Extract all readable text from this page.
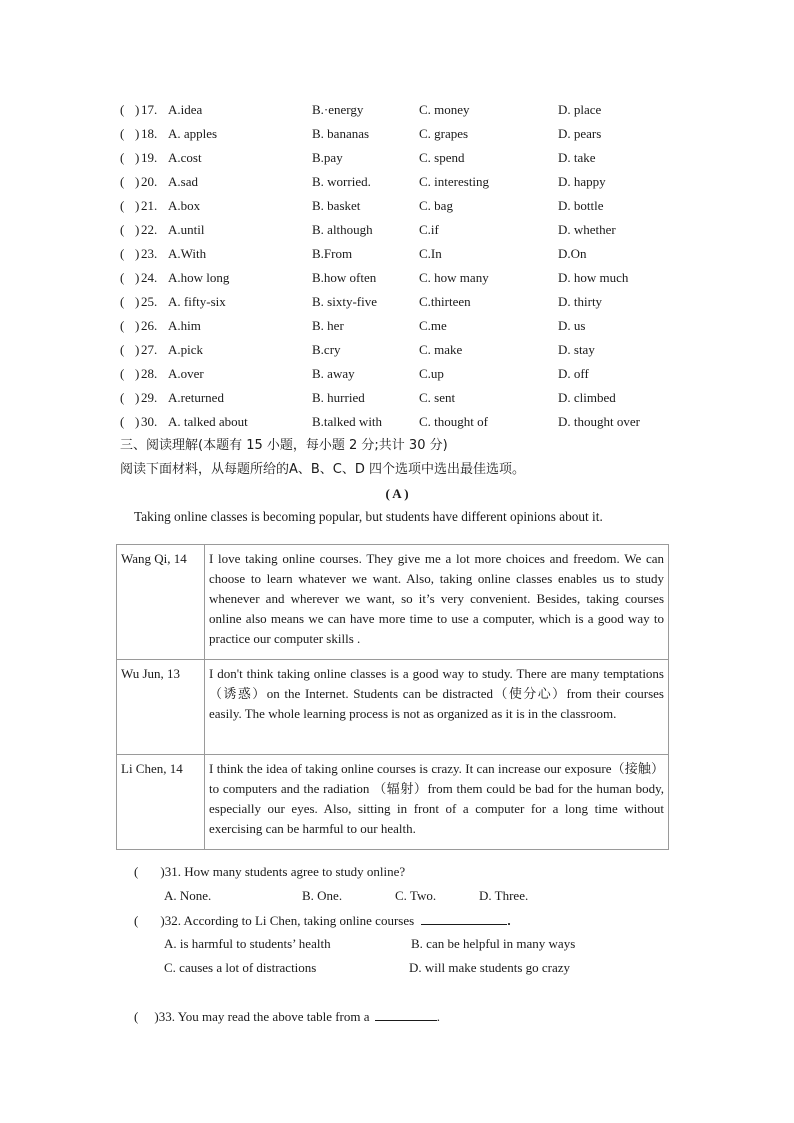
( ) 17. A.idea	B.·energy	C. money	D. place
( ) 18. A. apples	B. bananas	C. grapes	D. pears
( ) 19. A.cost	B.pay	C. spend	D. take
( ) 20. A.sad	B. worried.	C. interesting	D. happy
( ) 21. A.box	B. basket	C. bag	D. bottle
( ) 22. A.until	B. although	C.if	D. whether
( ) 23. A.With	B.From	C.In	D.On
( ) 24. A.how long	B.how often	C. how many	D. how much
( ) 25. A. fifty-six	B. sixty-five	C.thirteen	D. thirty
( ) 26. A.him	B. her	C.me	D. us
( ) 27. A.pick	B.cry	C. make	D. stay
( ) 28. A.over	B. away	C.up	D. off
( ) 29. A.returned	B. hurried	C. sent	D. climbed
( ) 30. A. talked about	B.talked with	C. thought of	D. thought over
三、阅读理解(本题有 15 小题，每小题 2 分;共计 30 分)
阅读下面材料，从每题所给的A、B、C、D 四个选项中选出最佳选项。
( A )
Taking online classes is becoming popular, but students have different opinions about it.
Wang Qi, 14	I love taking online courses. They give me a lot more choices and freedom. We can choose to learn whatever we want. Also, taking online classes enables us to study whenever and wherever we want, so it’s very convenient. Besides, taking courses online also means we can have more time to use a computer, which is a good way to practice our computer skills .
Wu Jun, 13	I don't think taking online classes is a good way to study. There are many temptations（诱惑）on the Internet. Students can be distracted（使分心）from their courses easily. The whole learning process is not as organized as it is in the classroom.
Li Chen, 14	I think the idea of taking online courses is crazy. It can increase our exposure（接触）to computers and the radiation （辐射）from them could be bad for the human body, especially our eyes. Also, sitting in front of a computer for a long time without exercising can be harmful to our health.
( )31. How many students agree to study online?
A. None.	B. One.	C. Two.	D. Three.
( )32. According to Li Chen, taking online courses	.
A. is harmful to students’ health	B. can be helpful in many ways
C. causes a lot of distractions	D. will make students go crazy
( )33. You may read the above table from a	.
